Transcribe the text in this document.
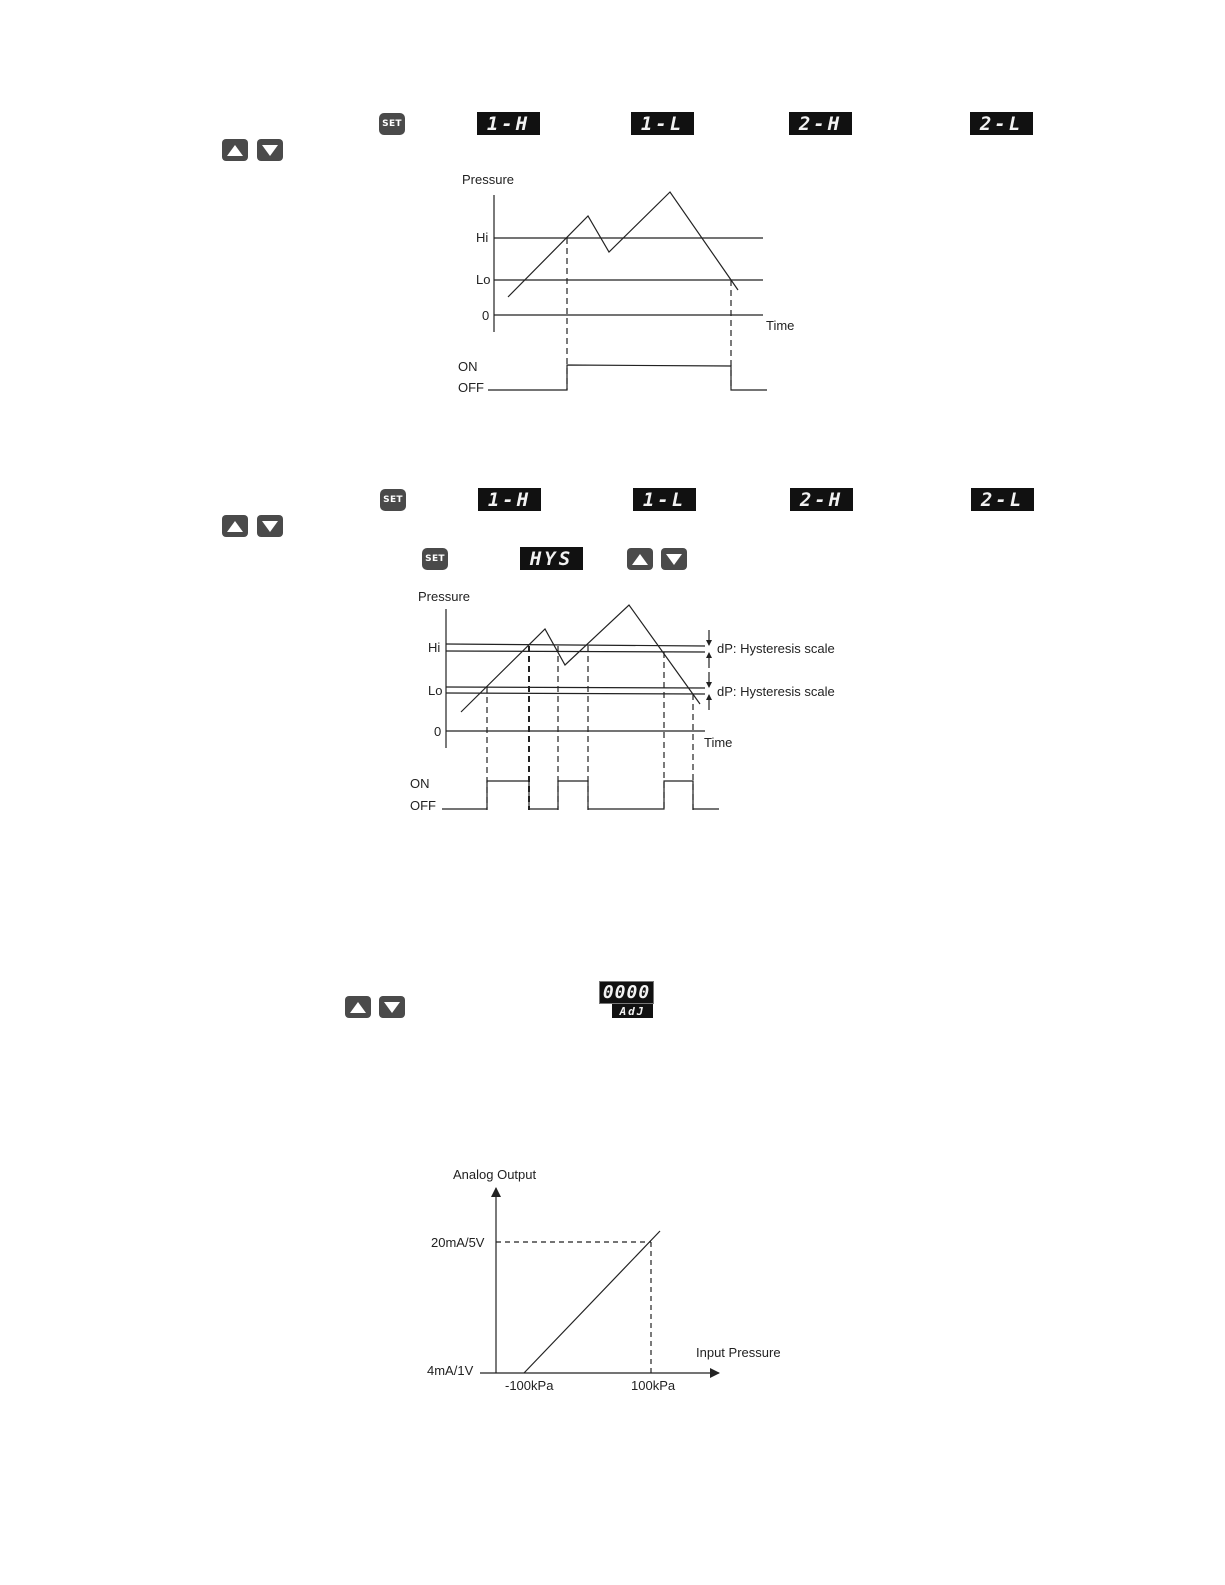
SET	1-H	1-L	2-H	2-L
SET	1-H	1-L	2-H	2-L
SET	HYS
0000
AdJ
Pressure
Hi
Lo
0
Time
ON
OFF
Pressure
Hi
Lo
0
Time
ON
OFF
dP: Hysteresis scale
dP: Hysteresis scale
Analog Output
20mA/5V
4mA/1V
Input Pressure
-100kPa	100kPa
